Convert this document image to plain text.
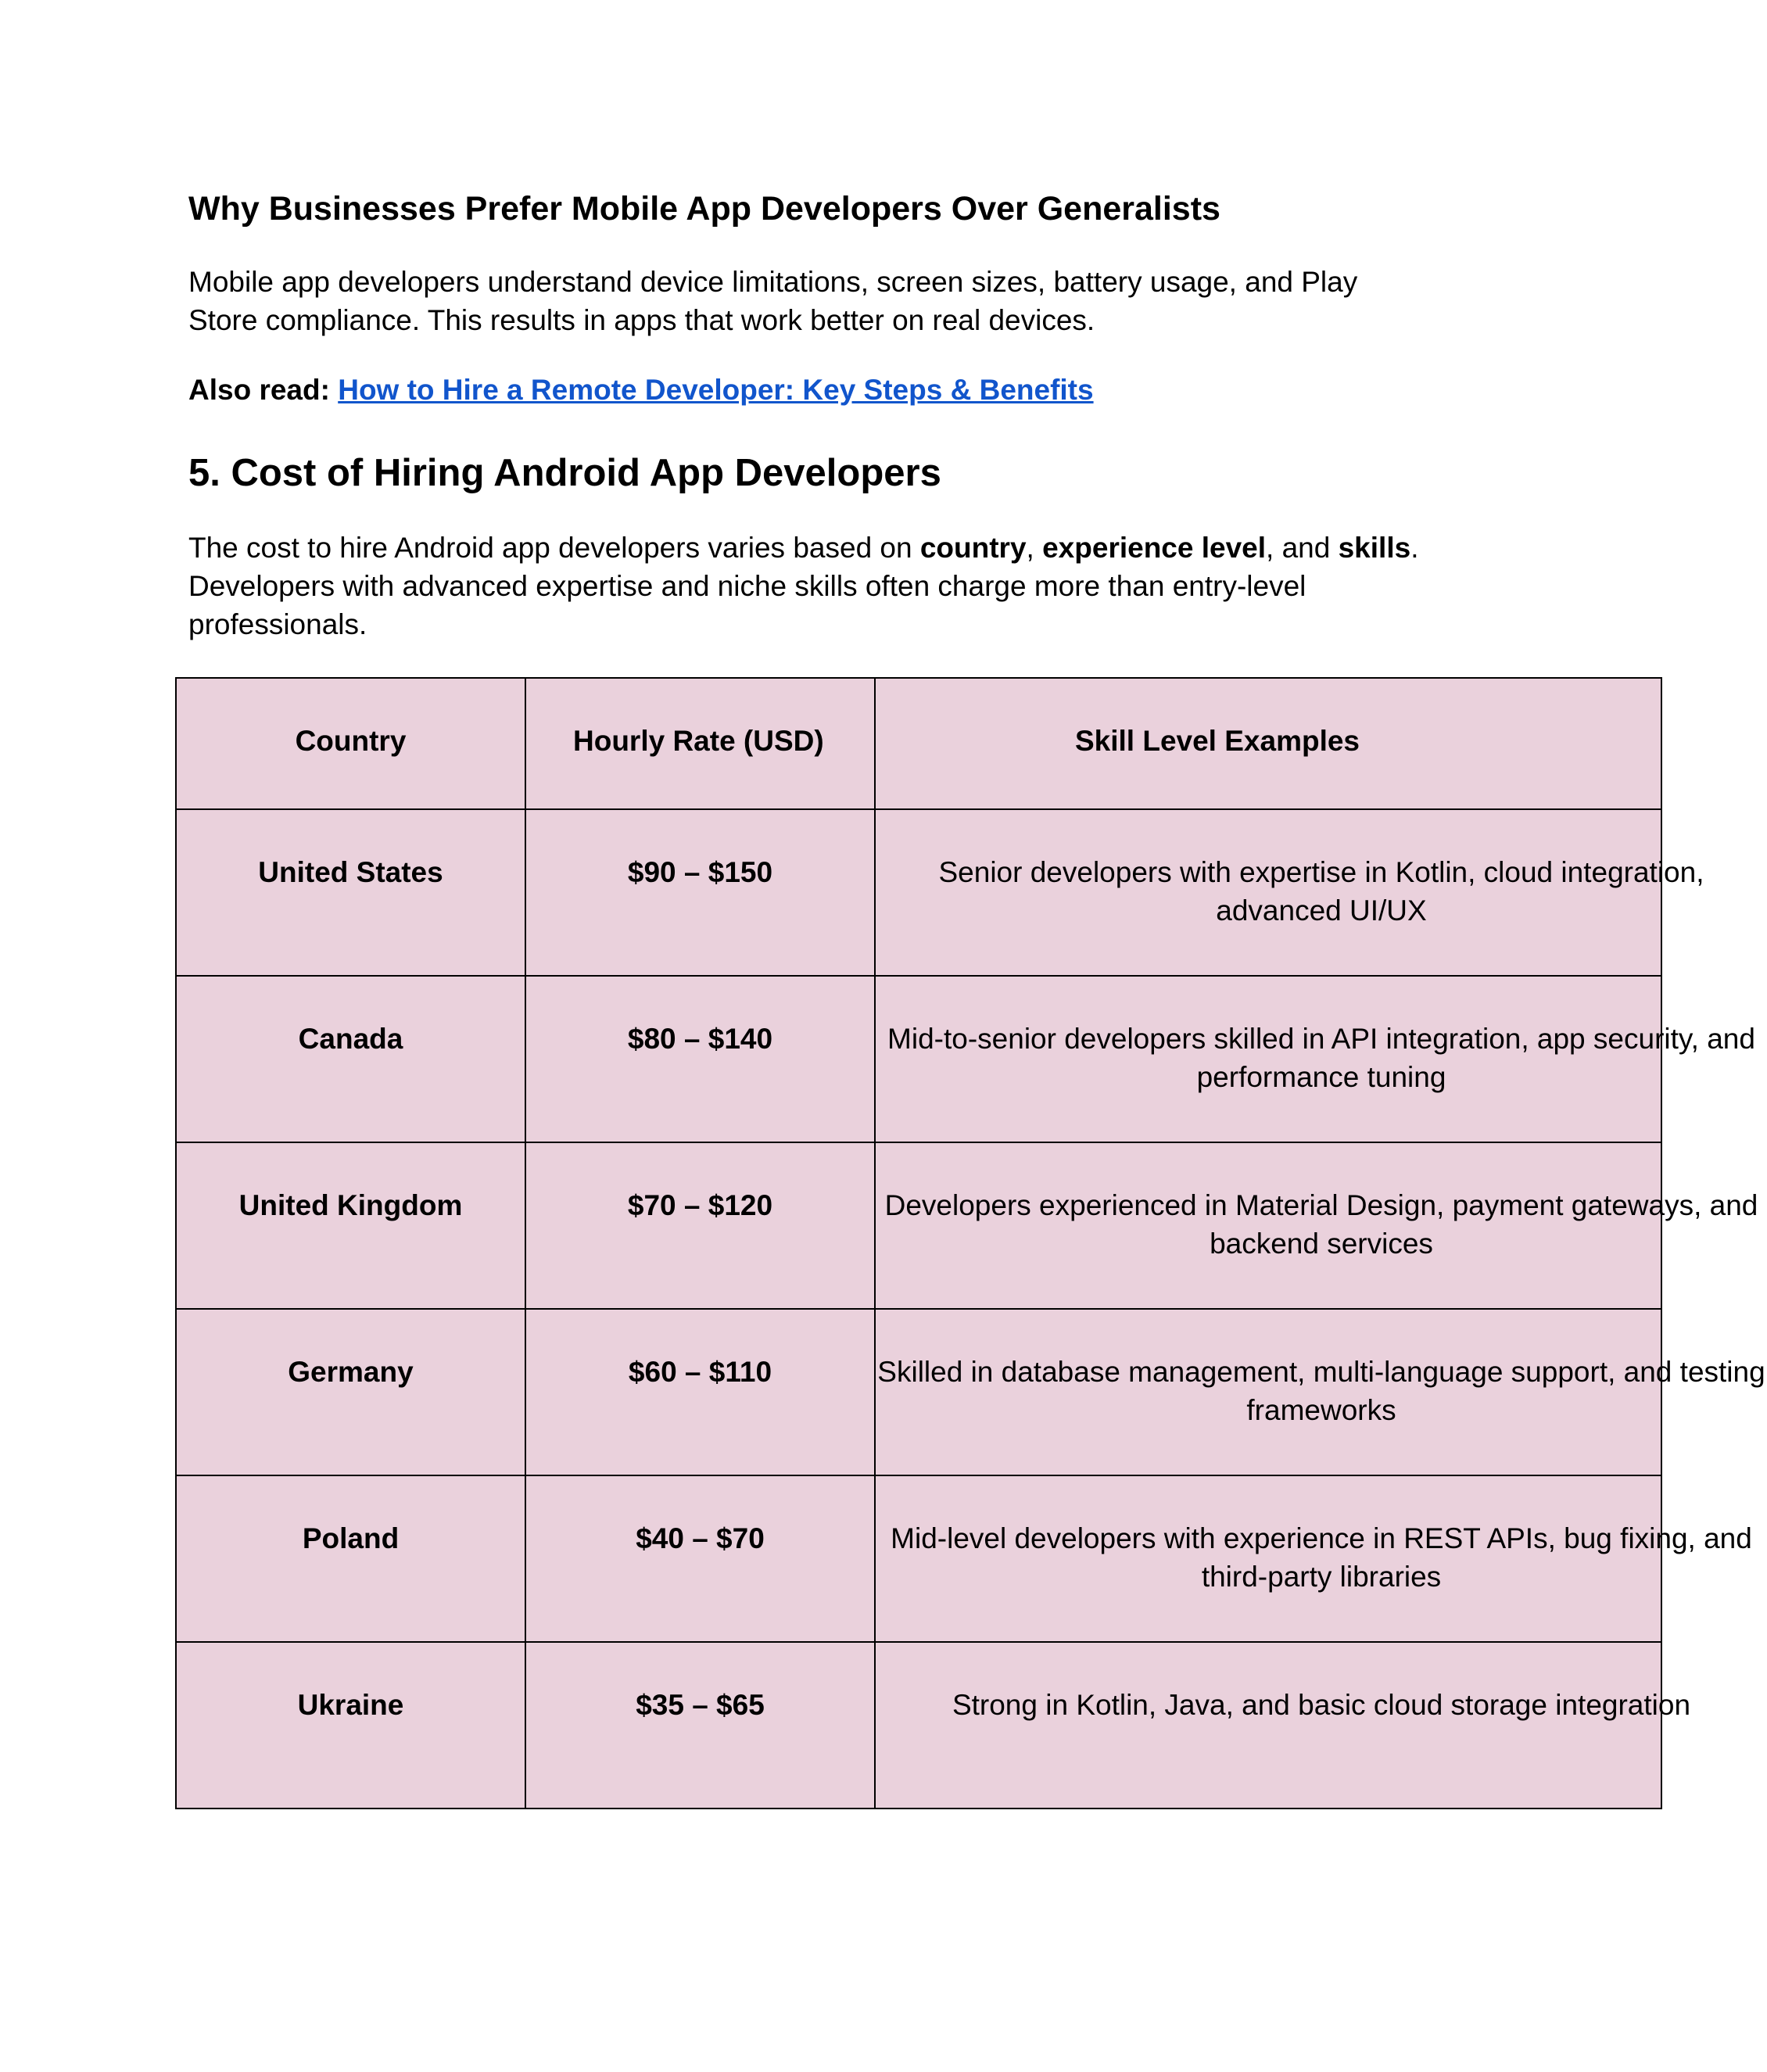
Why Businesses Prefer Mobile App Developers Over Generalists

Mobile app developers understand device limitations, screen sizes, battery usage, and Play Store compliance. This results in apps that work better on real devices.

Also read: How to Hire a Remote Developer: Key Steps & Benefits

5. Cost of Hiring Android App Developers

The cost to hire Android app developers varies based on country, experience level, and skills. Developers with advanced expertise and niche skills often charge more than entry-level professionals.

Country	Hourly Rate (USD)	Skill Level Examples

United States	$90 – $150	Senior developers with expertise in Kotlin, cloud integration, advanced UI/UX

Canada	$80 – $140	Mid-to-senior developers skilled in API integration, app security, and performance tuning

United Kingdom	$70 – $120	Developers experienced in Material Design, payment gateways, and backend services

Germany	$60 – $110	Skilled in database management, multi-language support, and testing frameworks

Poland	$40 – $70	Mid-level developers with experience in REST APIs, bug fixing, and third-party libraries

Ukraine	$35 – $65	Strong in Kotlin, Java, and basic cloud storage integration
